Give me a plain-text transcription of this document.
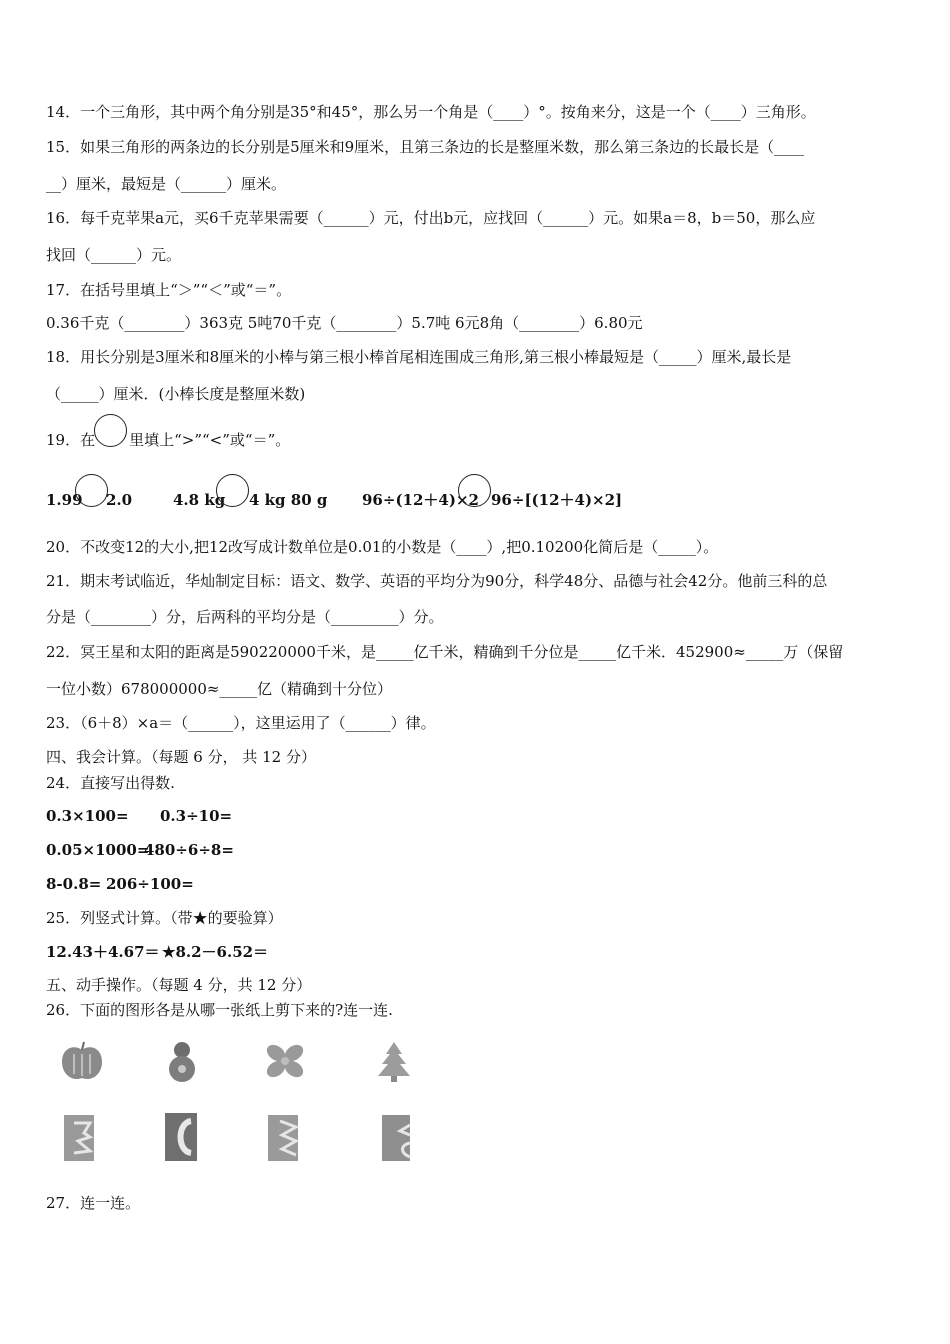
14．一个三角形，其中两个角分别是35°和45°，那么另一个角是（____）°。按角来分，这是一个（____）三角形。
15．如果三角形的两条边的长分别是5厘米和9厘米，且第三条边的长是整厘米数，那么第三条边的长最长是（____
__）厘米，最短是（______）厘米。
16．每千克苹果a元，买6千克苹果需要（______）元，付出b元，应找回（______）元。如果a＝8，b＝50，那么应
找回（______）元。
17．在括号里填上“＞”“＜”或“＝”。
0.36千克（________）363克 5吨70千克（________）5.7吨 6元8角（________）6.80元
18．用长分别是3厘米和8厘米的小棒与第三根小棒首尾相连围成三角形,第三根小棒最短是（_____）厘米,最长是
（_____）厘米．(小棒长度是整厘米数)
19．在 里填上“>”“<”或“＝”。
1.99 2.0	4.8 kg 4 kg 80 g 96÷(12＋4)×2 96÷[(12＋4)×2]
20．不改变12的大小,把12改写成计数单位是0.01的小数是（____）,把0.10200化简后是（_____）。
21．期末考试临近，华灿制定目标：语文、数学、英语的平均分为90分，科学48分、品德与社会42分。他前三科的总
分是（________）分，后两科的平均分是（_________）分。
22．冥王星和太阳的距离是590220000千米，是_____亿千米，精确到千分位是_____亿千米．452900≈_____万（保留
一位小数）678000000≈_____亿（精确到十分位）
23．（6＋8）×a＝（______），这里运用了（______）律。
四、我会计算。（每题 6 分， 共 12 分）
24．直接写出得数.
0.3×100= 0.3÷10=
0.05×1000=
480÷6÷8=
8-0.8= 206÷100=
25．列竖式计算。（带★的要验算）
12.43＋4.67＝ ★8.2－6.52＝
五、动手操作。（每题 4 分，共 12 分）
26．下面的图形各是从哪一张纸上剪下来的?连一连.
27．连一连。
